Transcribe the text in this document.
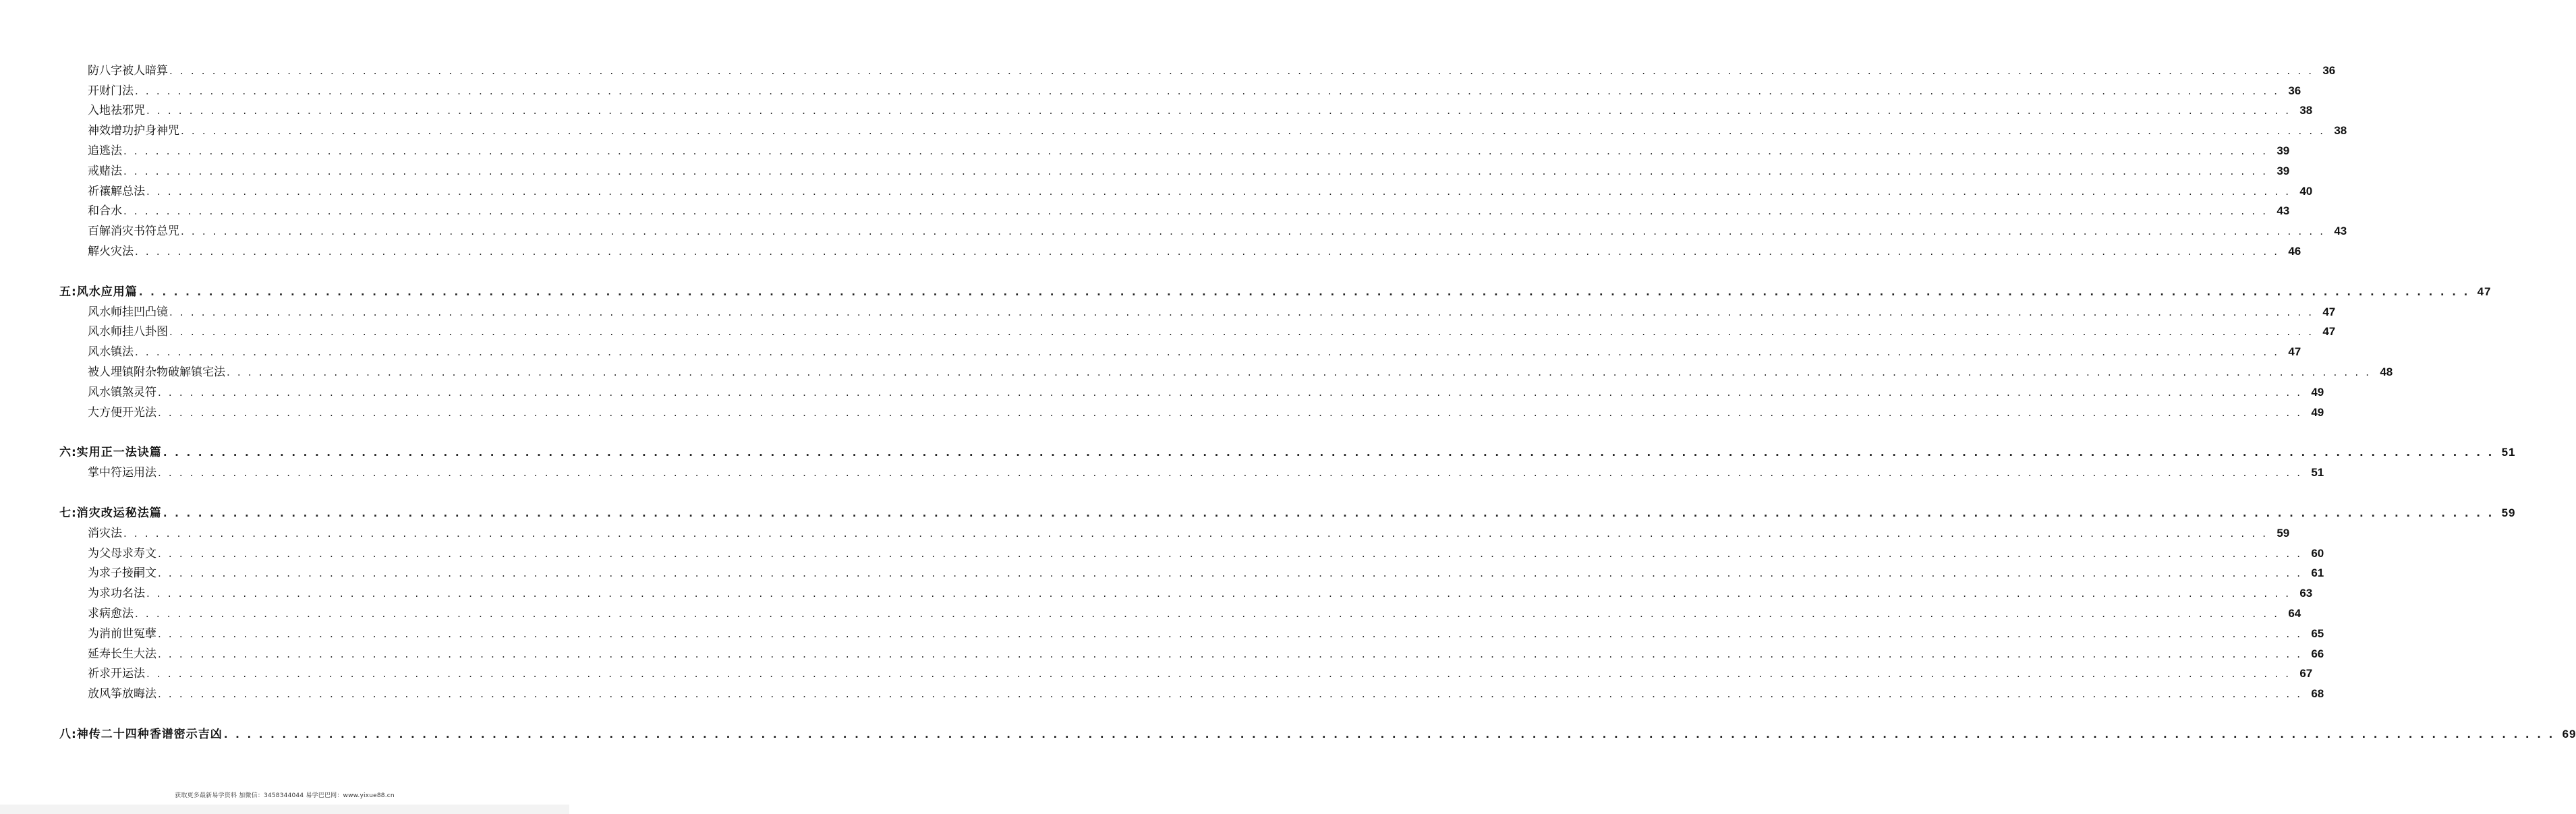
防八字被人暗算 . . . . . . . . . . . . . . . . . . . . . . . . . . . . . . . . . . . . . . . . . . . . . . . . . . . . . . . . . . . . . . . . . . . . . . . . . . . . . . . . . . . . . . . . . . . . . . . . . . . . . . . . . . . . . . . . . . . . . . . . . . . . . . . . . . . . . . . . . . . . . . . . . . . . . . . . . . . . . . . . . . . . . . . . . . . . . . . . . . . . . . . . . . . . . . . . . . . . . . . . 36
开财门法 . . . . . . . . . . . . . . . . . . . . . . . . . . . . . . . . . . . . . . . . . . . . . . . . . . . . . . . . . . . . . . . . . . . . . . . . . . . . . . . . . . . . . . . . . . . . . . . . . . . . . . . . . . . . . . . . . . . . . . . . . . . . . . . . . . . . . . . . . . . . . . . . . . . . . . . . . . . . . . . . . . . . . . . . . . . . . . . . . . . . . . . . . . . . . . . . . . . . . . . . 36
入地祛邪咒 . . . . . . . . . . . . . . . . . . . . . . . . . . . . . . . . . . . . . . . . . . . . . . . . . . . . . . . . . . . . . . . . . . . . . . . . . . . . . . . . . . . . . . . . . . . . . . . . . . . . . . . . . . . . . . . . . . . . . . . . . . . . . . . . . . . . . . . . . . . . . . . . . . . . . . . . . . . . . . . . . . . . . . . . . . . . . . . . . . . . . . . . . . . . . . . . . . . . . . . . 38
神效增功护身神咒 . . . . . . . . . . . . . . . . . . . . . . . . . . . . . . . . . . . . . . . . . . . . . . . . . . . . . . . . . . . . . . . . . . . . . . . . . . . . . . . . . . . . . . . . . . . . . . . . . . . . . . . . . . . . . . . . . . . . . . . . . . . . . . . . . . . . . . . . . . . . . . . . . . . . . . . . . . . . . . . . . . . . . . . . . . . . . . . . . . . . . . . . . . . . . . . . . . . . . . . . 38
追逃法 . . . . . . . . . . . . . . . . . . . . . . . . . . . . . . . . . . . . . . . . . . . . . . . . . . . . . . . . . . . . . . . . . . . . . . . . . . . . . . . . . . . . . . . . . . . . . . . . . . . . . . . . . . . . . . . . . . . . . . . . . . . . . . . . . . . . . . . . . . . . . . . . . . . . . . . . . . . . . . . . . . . . . . . . . . . . . . . . . . . . . . . . . . . . . . . . . . . . . . . . 39
戒赌法 . . . . . . . . . . . . . . . . . . . . . . . . . . . . . . . . . . . . . . . . . . . . . . . . . . . . . . . . . . . . . . . . . . . . . . . . . . . . . . . . . . . . . . . . . . . . . . . . . . . . . . . . . . . . . . . . . . . . . . . . . . . . . . . . . . . . . . . . . . . . . . . . . . . . . . . . . . . . . . . . . . . . . . . . . . . . . . . . . . . . . . . . . . . . . . . . . . . . . . . . 39
祈禳解总法 . . . . . . . . . . . . . . . . . . . . . . . . . . . . . . . . . . . . . . . . . . . . . . . . . . . . . . . . . . . . . . . . . . . . . . . . . . . . . . . . . . . . . . . . . . . . . . . . . . . . . . . . . . . . . . . . . . . . . . . . . . . . . . . . . . . . . . . . . . . . . . . . . . . . . . . . . . . . . . . . . . . . . . . . . . . . . . . . . . . . . . . . . . . . . . . . . . . . . . . . 40
和合水 . . . . . . . . . . . . . . . . . . . . . . . . . . . . . . . . . . . . . . . . . . . . . . . . . . . . . . . . . . . . . . . . . . . . . . . . . . . . . . . . . . . . . . . . . . . . . . . . . . . . . . . . . . . . . . . . . . . . . . . . . . . . . . . . . . . . . . . . . . . . . . . . . . . . . . . . . . . . . . . . . . . . . . . . . . . . . . . . . . . . . . . . . . . . . . . . . . . . . . . . 43
百解消灾书符总咒 . . . . . . . . . . . . . . . . . . . . . . . . . . . . . . . . . . . . . . . . . . . . . . . . . . . . . . . . . . . . . . . . . . . . . . . . . . . . . . . . . . . . . . . . . . . . . . . . . . . . . . . . . . . . . . . . . . . . . . . . . . . . . . . . . . . . . . . . . . . . . . . . . . . . . . . . . . . . . . . . . . . . . . . . . . . . . . . . . . . . . . . . . . . . . . . . . . . . . . . . 43
解火灾法 . . . . . . . . . . . . . . . . . . . . . . . . . . . . . . . . . . . . . . . . . . . . . . . . . . . . . . . . . . . . . . . . . . . . . . . . . . . . . . . . . . . . . . . . . . . . . . . . . . . . . . . . . . . . . . . . . . . . . . . . . . . . . . . . . . . . . . . . . . . . . . . . . . . . . . . . . . . . . . . . . . . . . . . . . . . . . . . . . . . . . . . . . . . . . . . . . . . . . . . . 46
五:风水应用篇 . . . . . . . . . . . . . . . . . . . . . . . . . . . . . . . . . . . . . . . . . . . . . . . . . . . . . . . . . . . . . . . . . . . . . . . . . . . . . . . . . . . . . . . . . . . . . . . . . . . . . . . . . . . . . . . . . . . . . . . . . . . . . . . . . . . . . . . . . . . . . . . . . . . . . . . . . . . . . . . . . . . . . . . . . . . . . . . . . . . . . . . . . . . . . . . . . . . . . . . . 47
风水师挂凹凸镜 . . . . . . . . . . . . . . . . . . . . . . . . . . . . . . . . . . . . . . . . . . . . . . . . . . . . . . . . . . . . . . . . . . . . . . . . . . . . . . . . . . . . . . . . . . . . . . . . . . . . . . . . . . . . . . . . . . . . . . . . . . . . . . . . . . . . . . . . . . . . . . . . . . . . . . . . . . . . . . . . . . . . . . . . . . . . . . . . . . . . . . . . . . . . . . . . . . . . . . . . 47
风水师挂八卦图 . . . . . . . . . . . . . . . . . . . . . . . . . . . . . . . . . . . . . . . . . . . . . . . . . . . . . . . . . . . . . . . . . . . . . . . . . . . . . . . . . . . . . . . . . . . . . . . . . . . . . . . . . . . . . . . . . . . . . . . . . . . . . . . . . . . . . . . . . . . . . . . . . . . . . . . . . . . . . . . . . . . . . . . . . . . . . . . . . . . . . . . . . . . . . . . . . . . . . . . . 47
风水镇法 . . . . . . . . . . . . . . . . . . . . . . . . . . . . . . . . . . . . . . . . . . . . . . . . . . . . . . . . . . . . . . . . . . . . . . . . . . . . . . . . . . . . . . . . . . . . . . . . . . . . . . . . . . . . . . . . . . . . . . . . . . . . . . . . . . . . . . . . . . . . . . . . . . . . . . . . . . . . . . . . . . . . . . . . . . . . . . . . . . . . . . . . . . . . . . . . . . . . . . . . 47
被人埋镇附杂物破解镇宅法 . . . . . . . . . . . . . . . . . . . . . . . . . . . . . . . . . . . . . . . . . . . . . . . . . . . . . . . . . . . . . . . . . . . . . . . . . . . . . . . . . . . . . . . . . . . . . . . . . . . . . . . . . . . . . . . . . . . . . . . . . . . . . . . . . . . . . . . . . . . . . . . . . . . . . . . . . . . . . . . . . . . . . . . . . . . . . . . . . . . . . . . . . . . . . . . . . . . . . . . . 48
风水镇煞灵符 . . . . . . . . . . . . . . . . . . . . . . . . . . . . . . . . . . . . . . . . . . . . . . . . . . . . . . . . . . . . . . . . . . . . . . . . . . . . . . . . . . . . . . . . . . . . . . . . . . . . . . . . . . . . . . . . . . . . . . . . . . . . . . . . . . . . . . . . . . . . . . . . . . . . . . . . . . . . . . . . . . . . . . . . . . . . . . . . . . . . . . . . . . . . . . . . . . . . . . . . 49
大方便开光法 . . . . . . . . . . . . . . . . . . . . . . . . . . . . . . . . . . . . . . . . . . . . . . . . . . . . . . . . . . . . . . . . . . . . . . . . . . . . . . . . . . . . . . . . . . . . . . . . . . . . . . . . . . . . . . . . . . . . . . . . . . . . . . . . . . . . . . . . . . . . . . . . . . . . . . . . . . . . . . . . . . . . . . . . . . . . . . . . . . . . . . . . . . . . . . . . . . . . . . . . 49
六:实用正一法诀篇 . . . . . . . . . . . . . . . . . . . . . . . . . . . . . . . . . . . . . . . . . . . . . . . . . . . . . . . . . . . . . . . . . . . . . . . . . . . . . . . . . . . . . . . . . . . . . . . . . . . . . . . . . . . . . . . . . . . . . . . . . . . . . . . . . . . . . . . . . . . . . . . . . . . . . . . . . . . . . . . . . . . . . . . . . . . . . . . . . . . . . . . . . . . . . . . . . . . . . . . . 51
掌中符运用法 . . . . . . . . . . . . . . . . . . . . . . . . . . . . . . . . . . . . . . . . . . . . . . . . . . . . . . . . . . . . . . . . . . . . . . . . . . . . . . . . . . . . . . . . . . . . . . . . . . . . . . . . . . . . . . . . . . . . . . . . . . . . . . . . . . . . . . . . . . . . . . . . . . . . . . . . . . . . . . . . . . . . . . . . . . . . . . . . . . . . . . . . . . . . . . . . . . . . . . . . 51
七:消灾改运秘法篇 . . . . . . . . . . . . . . . . . . . . . . . . . . . . . . . . . . . . . . . . . . . . . . . . . . . . . . . . . . . . . . . . . . . . . . . . . . . . . . . . . . . . . . . . . . . . . . . . . . . . . . . . . . . . . . . . . . . . . . . . . . . . . . . . . . . . . . . . . . . . . . . . . . . . . . . . . . . . . . . . . . . . . . . . . . . . . . . . . . . . . . . . . . . . . . . . . . . . . . . . 59
消灾法 . . . . . . . . . . . . . . . . . . . . . . . . . . . . . . . . . . . . . . . . . . . . . . . . . . . . . . . . . . . . . . . . . . . . . . . . . . . . . . . . . . . . . . . . . . . . . . . . . . . . . . . . . . . . . . . . . . . . . . . . . . . . . . . . . . . . . . . . . . . . . . . . . . . . . . . . . . . . . . . . . . . . . . . . . . . . . . . . . . . . . . . . . . . . . . . . . . . . . . . . 59
为父母求寿文 . . . . . . . . . . . . . . . . . . . . . . . . . . . . . . . . . . . . . . . . . . . . . . . . . . . . . . . . . . . . . . . . . . . . . . . . . . . . . . . . . . . . . . . . . . . . . . . . . . . . . . . . . . . . . . . . . . . . . . . . . . . . . . . . . . . . . . . . . . . . . . . . . . . . . . . . . . . . . . . . . . . . . . . . . . . . . . . . . . . . . . . . . . . . . . . . . . . . . . . . 60
为求子接嗣文 . . . . . . . . . . . . . . . . . . . . . . . . . . . . . . . . . . . . . . . . . . . . . . . . . . . . . . . . . . . . . . . . . . . . . . . . . . . . . . . . . . . . . . . . . . . . . . . . . . . . . . . . . . . . . . . . . . . . . . . . . . . . . . . . . . . . . . . . . . . . . . . . . . . . . . . . . . . . . . . . . . . . . . . . . . . . . . . . . . . . . . . . . . . . . . . . . . . . . . . . 61
为求功名法 . . . . . . . . . . . . . . . . . . . . . . . . . . . . . . . . . . . . . . . . . . . . . . . . . . . . . . . . . . . . . . . . . . . . . . . . . . . . . . . . . . . . . . . . . . . . . . . . . . . . . . . . . . . . . . . . . . . . . . . . . . . . . . . . . . . . . . . . . . . . . . . . . . . . . . . . . . . . . . . . . . . . . . . . . . . . . . . . . . . . . . . . . . . . . . . . . . . . . . . . 63
求病愈法 . . . . . . . . . . . . . . . . . . . . . . . . . . . . . . . . . . . . . . . . . . . . . . . . . . . . . . . . . . . . . . . . . . . . . . . . . . . . . . . . . . . . . . . . . . . . . . . . . . . . . . . . . . . . . . . . . . . . . . . . . . . . . . . . . . . . . . . . . . . . . . . . . . . . . . . . . . . . . . . . . . . . . . . . . . . . . . . . . . . . . . . . . . . . . . . . . . . . . . . . 64
为消前世冤孽 . . . . . . . . . . . . . . . . . . . . . . . . . . . . . . . . . . . . . . . . . . . . . . . . . . . . . . . . . . . . . . . . . . . . . . . . . . . . . . . . . . . . . . . . . . . . . . . . . . . . . . . . . . . . . . . . . . . . . . . . . . . . . . . . . . . . . . . . . . . . . . . . . . . . . . . . . . . . . . . . . . . . . . . . . . . . . . . . . . . . . . . . . . . . . . . . . . . . . . . . 65
延寿长生大法 . . . . . . . . . . . . . . . . . . . . . . . . . . . . . . . . . . . . . . . . . . . . . . . . . . . . . . . . . . . . . . . . . . . . . . . . . . . . . . . . . . . . . . . . . . . . . . . . . . . . . . . . . . . . . . . . . . . . . . . . . . . . . . . . . . . . . . . . . . . . . . . . . . . . . . . . . . . . . . . . . . . . . . . . . . . . . . . . . . . . . . . . . . . . . . . . . . . . . . . . 66
祈求开运法 . . . . . . . . . . . . . . . . . . . . . . . . . . . . . . . . . . . . . . . . . . . . . . . . . . . . . . . . . . . . . . . . . . . . . . . . . . . . . . . . . . . . . . . . . . . . . . . . . . . . . . . . . . . . . . . . . . . . . . . . . . . . . . . . . . . . . . . . . . . . . . . . . . . . . . . . . . . . . . . . . . . . . . . . . . . . . . . . . . . . . . . . . . . . . . . . . . . . . . . . 67
放风筝放晦法 . . . . . . . . . . . . . . . . . . . . . . . . . . . . . . . . . . . . . . . . . . . . . . . . . . . . . . . . . . . . . . . . . . . . . . . . . . . . . . . . . . . . . . . . . . . . . . . . . . . . . . . . . . . . . . . . . . . . . . . . . . . . . . . . . . . . . . . . . . . . . . . . . . . . . . . . . . . . . . . . . . . . . . . . . . . . . . . . . . . . . . . . . . . . . . . . . . . . . . . . 68
八:神传二十四种香谱密示吉凶 . . . . . . . . . . . . . . . . . . . . . . . . . . . . . . . . . . . . . . . . . . . . . . . . . . . . . . . . . . . . . . . . . . . . . . . . . . . . . . . . . . . . . . . . . . . . . . . . . . . . . . . . . . . . . . . . . . . . . . . . . . . . . . . . . . . . . . . . . . . . . . . . . . . . . . . . . . . . . . . . . . . . . . . . . . . . . . . . . . . . . . . . . . . . . . . . . . . . . . . . 69
获取更多最新易学资料 加微信：3458344044 易学巴巴网：www.yixue88.cn
